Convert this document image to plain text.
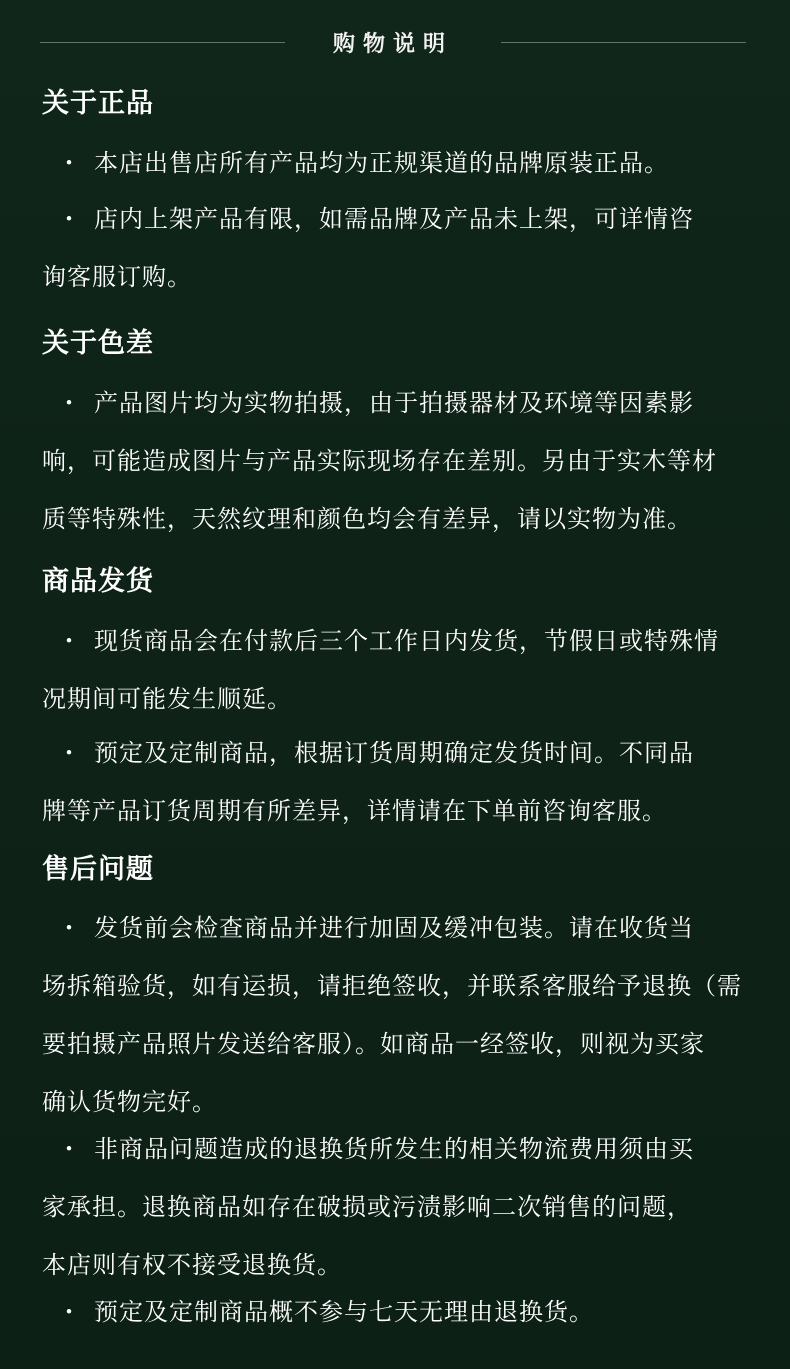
购物说明
关于正品
・ 本店出售店所有产品均为正规渠道的品牌原装正品。
・ 店内上架产品有限，如需品牌及产品未上架，可详情咨
询客服订购。
关于色差
・ 产品图片均为实物拍摄，由于拍摄器材及环境等因素影
响，可能造成图片与产品实际现场存在差别。另由于实木等材
质等特殊性，天然纹理和颜色均会有差异，请以实物为准。
商品发货
・ 现货商品会在付款后三个工作日内发货，节假日或特殊情
况期间可能发生顺延。
・ 预定及定制商品，根据订货周期确定发货时间。不同品
牌等产品订货周期有所差异，详情请在下单前咨询客服。
售后问题
・ 发货前会检查商品并进行加固及缓冲包装。请在收货当
场拆箱验货，如有运损，请拒绝签收，并联系客服给予退换（需
要拍摄产品照片发送给客服）。如商品一经签收，则视为买家
确认货物完好。
・ 非商品问题造成的退换货所发生的相关物流费用须由买
家承担。退换商品如存在破损或污渍影响二次销售的问题，
本店则有权不接受退换货。
・ 预定及定制商品概不参与七天无理由退换货。
